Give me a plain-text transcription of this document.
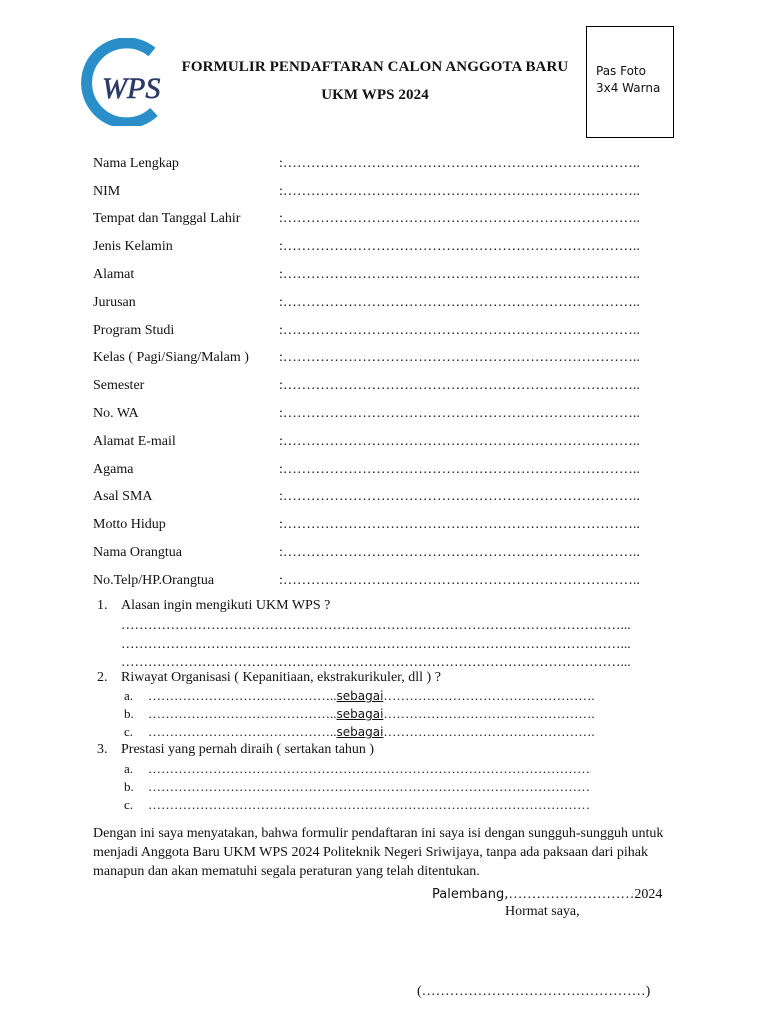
WPS
FORMULIR PENDAFTARAN CALON ANGGOTA BARU
UKM WPS 2024
Pas Foto
3x4 Warna
Nama Lengkap	:…………………………………………………………………..
NIM	:…………………………………………………………………..
Tempat dan Tanggal Lahir	:…………………………………………………………………..
Jenis Kelamin	:…………………………………………………………………..
Alamat	:…………………………………………………………………..
Jurusan	:…………………………………………………………………..
Program Studi	:…………………………………………………………………..
Kelas ( Pagi/Siang/Malam )	:…………………………………………………………………..
Semester	:…………………………………………………………………..
No. WA	:…………………………………………………………………..
Alamat E-mail	:…………………………………………………………………..
Agama	:…………………………………………………………………..
Asal SMA	:…………………………………………………………………..
Motto Hidup	:…………………………………………………………………..
Nama Orangtua	:…………………………………………………………………..
No.Telp/HP.Orangtua	:…………………………………………………………………..
1. Alasan ingin mengikuti UKM WPS ?
…………………………………………………………………………………………………...
…………………………………………………………………………………………………...
…………………………………………………………………………………………………...
2. Riwayat Organisasi ( Kepanitiaan, ekstrakurikuler, dll ) ?
a. ……………………………………..sebagai………………………………………….
b. ……………………………………..sebagai………………………………………….
c. ……………………………………..sebagai………………………………………….
3. Prestasi yang pernah diraih ( sertakan tahun )
a. …………………………………………………………………………………………
b. …………………………………………………………………………………………
c. …………………………………………………………………………………………
Dengan ini saya menyatakan, bahwa formulir pendaftaran ini saya isi dengan sungguh-sungguh untuk menjadi Anggota Baru UKM WPS 2024 Politeknik Negeri Sriwijaya, tanpa ada paksaan dari pihak manapun dan akan mematuhi segala peraturan yang telah ditentukan.
Palembang,………………………2024
Hormat saya,
(…………………………………………)
